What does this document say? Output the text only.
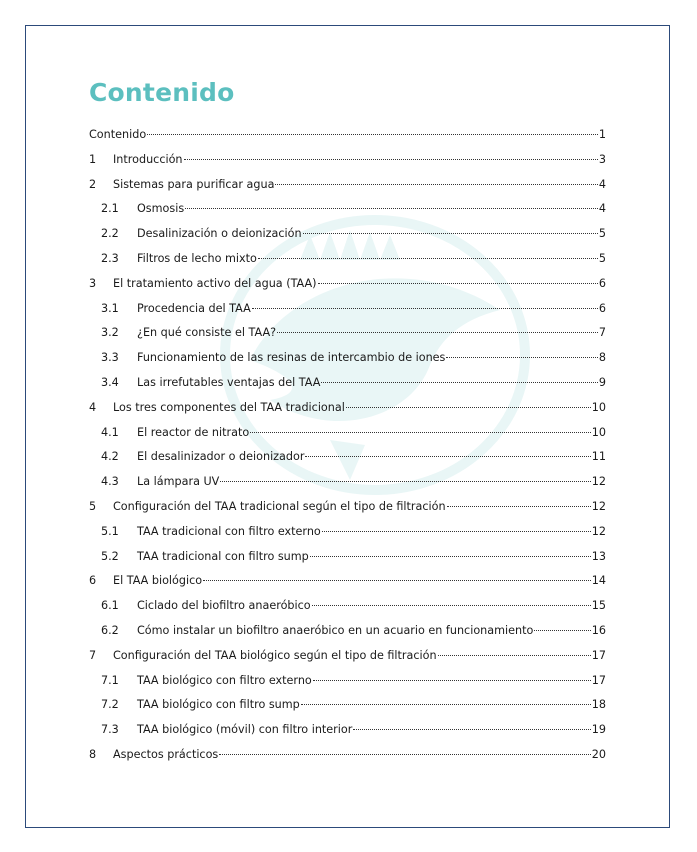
Contenido
Contenido	1
1	Introducción	3
2	Sistemas para purificar agua	4
2.1	Osmosis	4
2.2	Desalinización o deionización	5
2.3	Filtros de lecho mixto	5
3	El tratamiento activo del agua (TAA)	6
3.1	Procedencia del TAA	6
3.2	¿En qué consiste el TAA?	7
3.3	Funcionamiento de las resinas de intercambio de iones	8
3.4	Las irrefutables ventajas del TAA	9
4	Los tres componentes del TAA tradicional	10
4.1	El reactor de nitrato	10
4.2	El desalinizador o deionizador	11
4.3	La lámpara UV	12
5	Configuración del TAA tradicional según el tipo de filtración	12
5.1	TAA tradicional con filtro externo	12
5.2	TAA tradicional con filtro sump	13
6	El TAA biológico	14
6.1	Ciclado del biofiltro anaeróbico	15
6.2	Cómo instalar un biofiltro anaeróbico en un acuario en funcionamiento	16
7	Configuración del TAA biológico según el tipo de filtración	17
7.1	TAA biológico con filtro externo	17
7.2	TAA biológico con filtro sump	18
7.3	TAA biológico (móvil) con filtro interior	19
8	Aspectos prácticos	20
